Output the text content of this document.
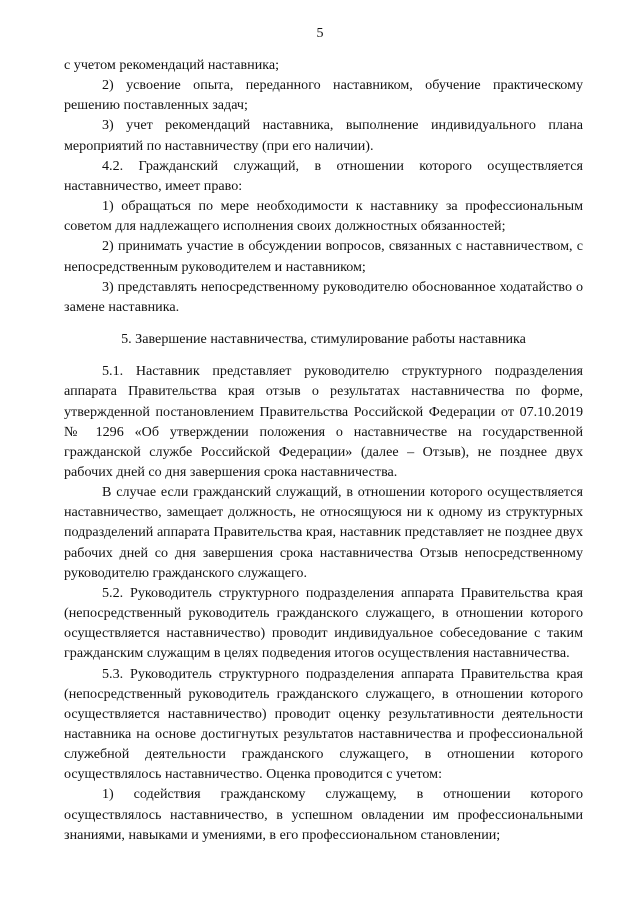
5

с учетом рекомендаций наставника;

2) усвоение опыта, переданного наставником, обучение практическому решению поставленных задач;

3) учет рекомендаций наставника, выполнение индивидуального плана мероприятий по наставничеству (при его наличии).

4.2. Гражданский служащий, в отношении которого осуществляется наставничество, имеет право:

1) обращаться по мере необходимости к наставнику за профессиональным советом для надлежащего исполнения своих должностных обязанностей;

2) принимать участие в обсуждении вопросов, связанных с наставничеством, с непосредственным руководителем и наставником;

3) представлять непосредственному руководителю обоснованное ходатайство о замене наставника.

5. Завершение наставничества, стимулирование работы наставника

5.1. Наставник представляет руководителю структурного подразделения аппарата Правительства края отзыв о результатах наставничества по форме, утвержденной постановлением Правительства Российской Федерации от 07.10.2019 № 1296 «Об утверждении положения о наставничестве на государственной гражданской службе Российской Федерации» (далее – Отзыв), не позднее двух рабочих дней со дня завершения срока наставничества.

В случае если гражданский служащий, в отношении которого осуществляется наставничество, замещает должность, не относящуюся ни к одному из структурных подразделений аппарата Правительства края, наставник представляет не позднее двух рабочих дней со дня завершения срока наставничества Отзыв непосредственному руководителю гражданского служащего.

5.2. Руководитель структурного подразделения аппарата Правительства края (непосредственный руководитель гражданского служащего, в отношении которого осуществляется наставничество) проводит индивидуальное собеседование с таким гражданским служащим в целях подведения итогов осуществления наставничества.

5.3. Руководитель структурного подразделения аппарата Правительства края (непосредственный руководитель гражданского служащего, в отношении которого осуществляется наставничество) проводит оценку результативности деятельности наставника на основе достигнутых результатов наставничества и профессиональной служебной деятельности гражданского служащего, в отношении которого осуществлялось наставничество. Оценка проводится с учетом:

1) содействия гражданскому служащему, в отношении которого осуществлялось наставничество, в успешном овладении им профессиональными знаниями, навыками и умениями, в его профессиональном становлении;
